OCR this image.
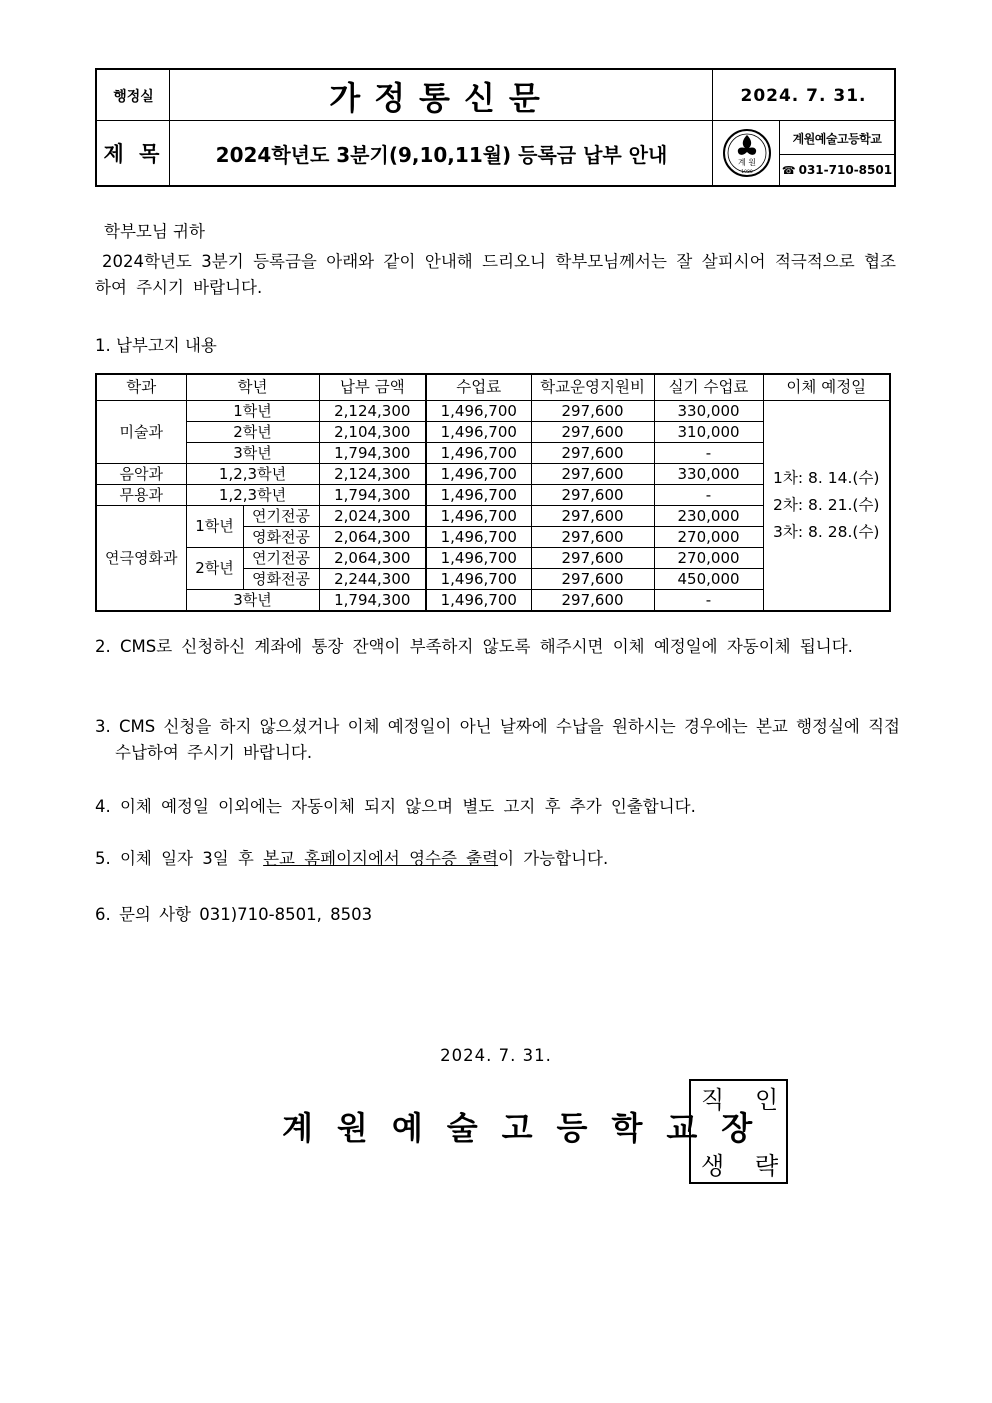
행정실	가정통신문	2024. 7. 31.
제 목	2024학년도 3분기(9,10,11월) 등록금 납부 안내	계 원
1980
계원예술고등학교
☎ 031-710-8501
학부모님 귀하
2024학년도 3분기 등록금을 아래와 같이 안내해 드리오니 학부모님께서는 잘 살피시어 적극적으로 협조하여 주시기 바랍니다.
1. 납부고지 내용
학과	학년		납부 금액	수업료	학교운영지원비	실기 수업료	이체 예정일
미술과	1학년		2,124,300	1,496,700	297,600	330,000	1차: 8. 14.(수)
2차: 8. 21.(수)
3차: 8. 28.(수)

	2학년		2,104,300	1,496,700	297,600	310,000	
	3학년		1,794,300	1,496,700	297,600	-	
음악과	1,2,3학년		2,124,300	1,496,700	297,600	330,000	
무용과	1,2,3학년		1,794,300	1,496,700	297,600	-	
연극영화과	1학년	연기전공	2,024,300	1,496,700	297,600	230,000	
		영화전공	2,064,300	1,496,700	297,600	270,000	
	2학년	연기전공	2,064,300	1,496,700	297,600	270,000	
		영화전공	2,244,300	1,496,700	297,600	450,000	
	3학년		1,794,300	1,496,700	297,600	-	
2. CMS로 신청하신 계좌에 통장 잔액이 부족하지 않도록 해주시면 이체 예정일에 자동이체 됩니다.
3. CMS 신청을 하지 않으셨거나 이체 예정일이 아닌 날짜에 수납을 원하시는 경우에는 본교 행정실에 직접 수납하여 주시기 바랍니다.
4. 이체 예정일 이외에는 자동이체 되지 않으며 별도 고지 후 추가 인출합니다.
5. 이체 일자 3일 후 본교 홈페이지에서 영수증 출력이 가능합니다.
6. 문의 사항 031)710-8501, 8503
2024. 7. 31.
직 인
생 략
계원예술고등학교장
